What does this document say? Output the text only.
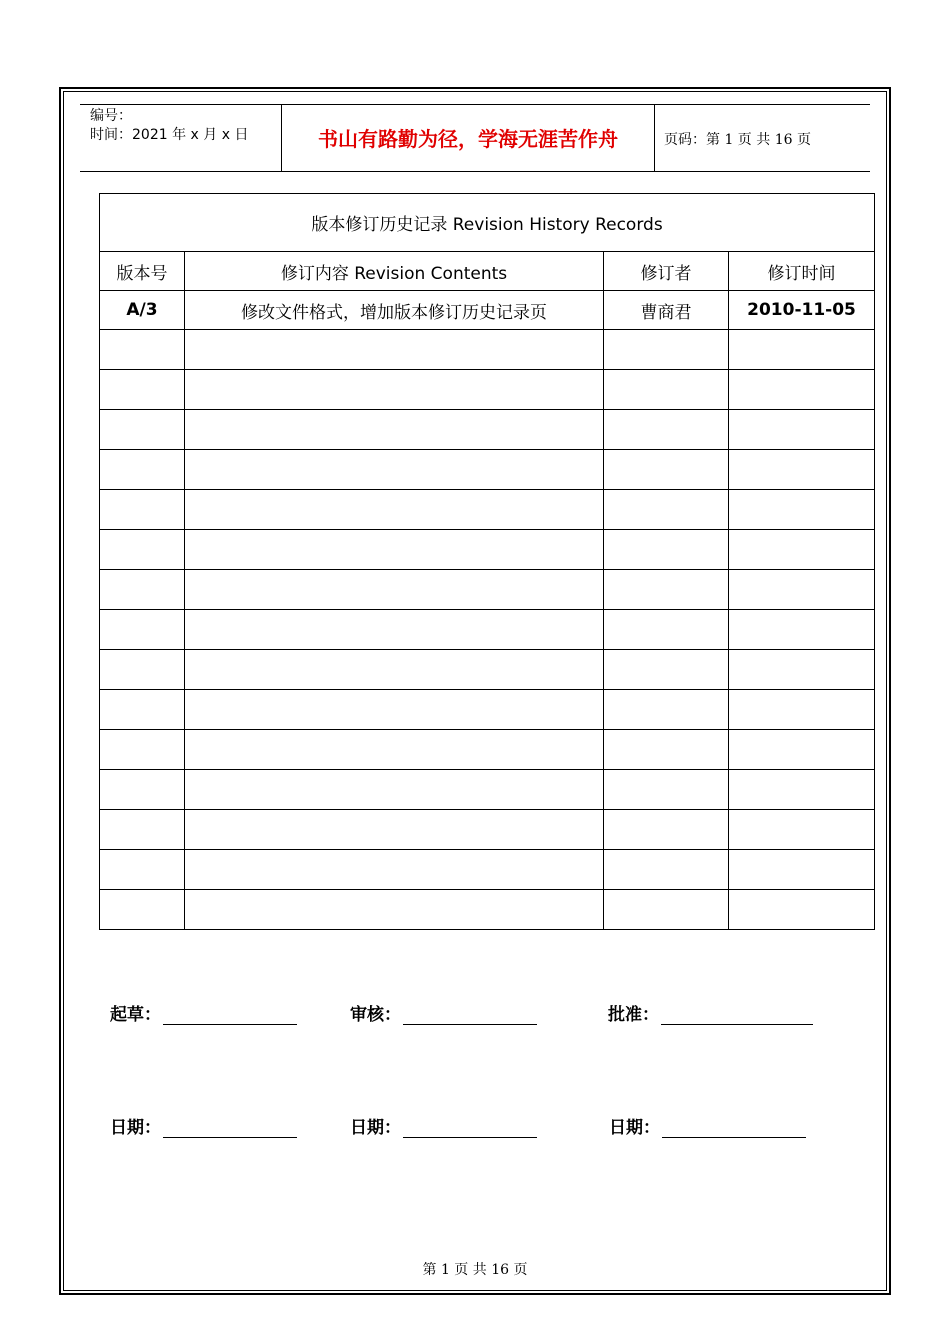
编号：
时间：2021 年 x 月 x 日	书山有路勤为径，学海无涯苦作舟	页码：第 1 页 共 16 页
版本修订历史记录 Revision History Records			
版本号	修订内容 Revision Contents	修订者	修订时间
A/3	修改文件格式，增加版本修订历史记录页	曹商君	2010-11-05

起草：	审核：	批准：
日期：	日期：	日期：
第 1 页 共 16 页
